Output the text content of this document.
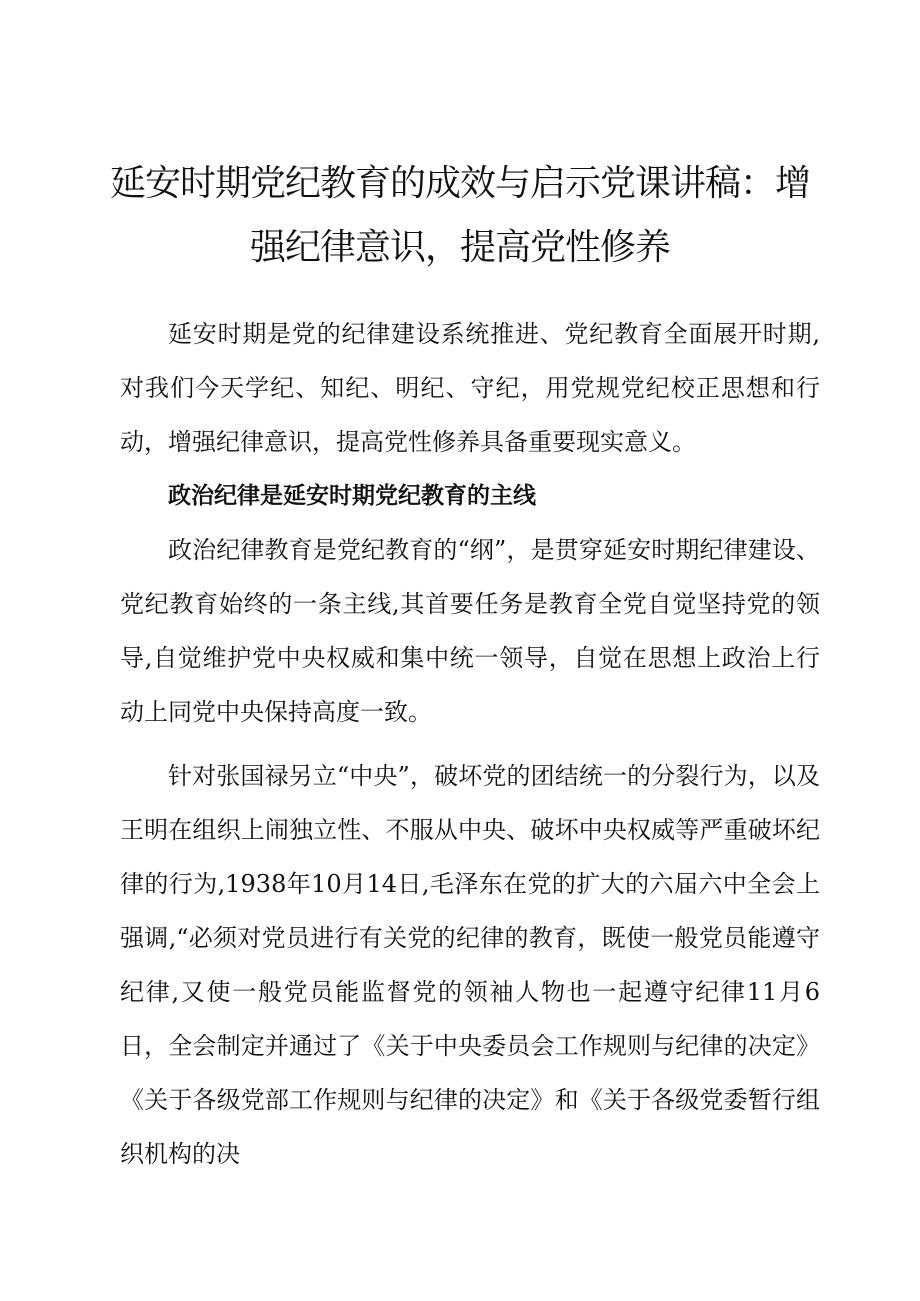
延安时期党纪教育的成效与启示党课讲稿：增强纪律意识，提高党性修养

延安时期是党的纪律建设系统推进、党纪教育全面展开时期,对我们今天学纪、知纪、明纪、守纪，用党规党纪校正思想和行动，增强纪律意识，提高党性修养具备重要现实意义。

政治纪律是延安时期党纪教育的主线

政治纪律教育是党纪教育的“纲”，是贯穿延安时期纪律建设、党纪教育始终的一条主线,其首要任务是教育全党自觉坚持党的领导,自觉维护党中央权威和集中统一领导，自觉在思想上政治上行动上同党中央保持高度一致。

针对张国禄另立“中央”，破坏党的团结统一的分裂行为，以及王明在组织上闹独立性、不服从中央、破坏中央权威等严重破坏纪律的行为,1938年10月14日,毛泽东在党的扩大的六届六中全会上强调,“必须对党员进行有关党的纪律的教育，既使一般党员能遵守纪律,又使一般党员能监督党的领袖人物也一起遵守纪律11月6日，全会制定并通过了《关于中央委员会工作规则与纪律的决定》《关于各级党部工作规则与纪律的决定》和《关于各级党委暂行组织机构的决
